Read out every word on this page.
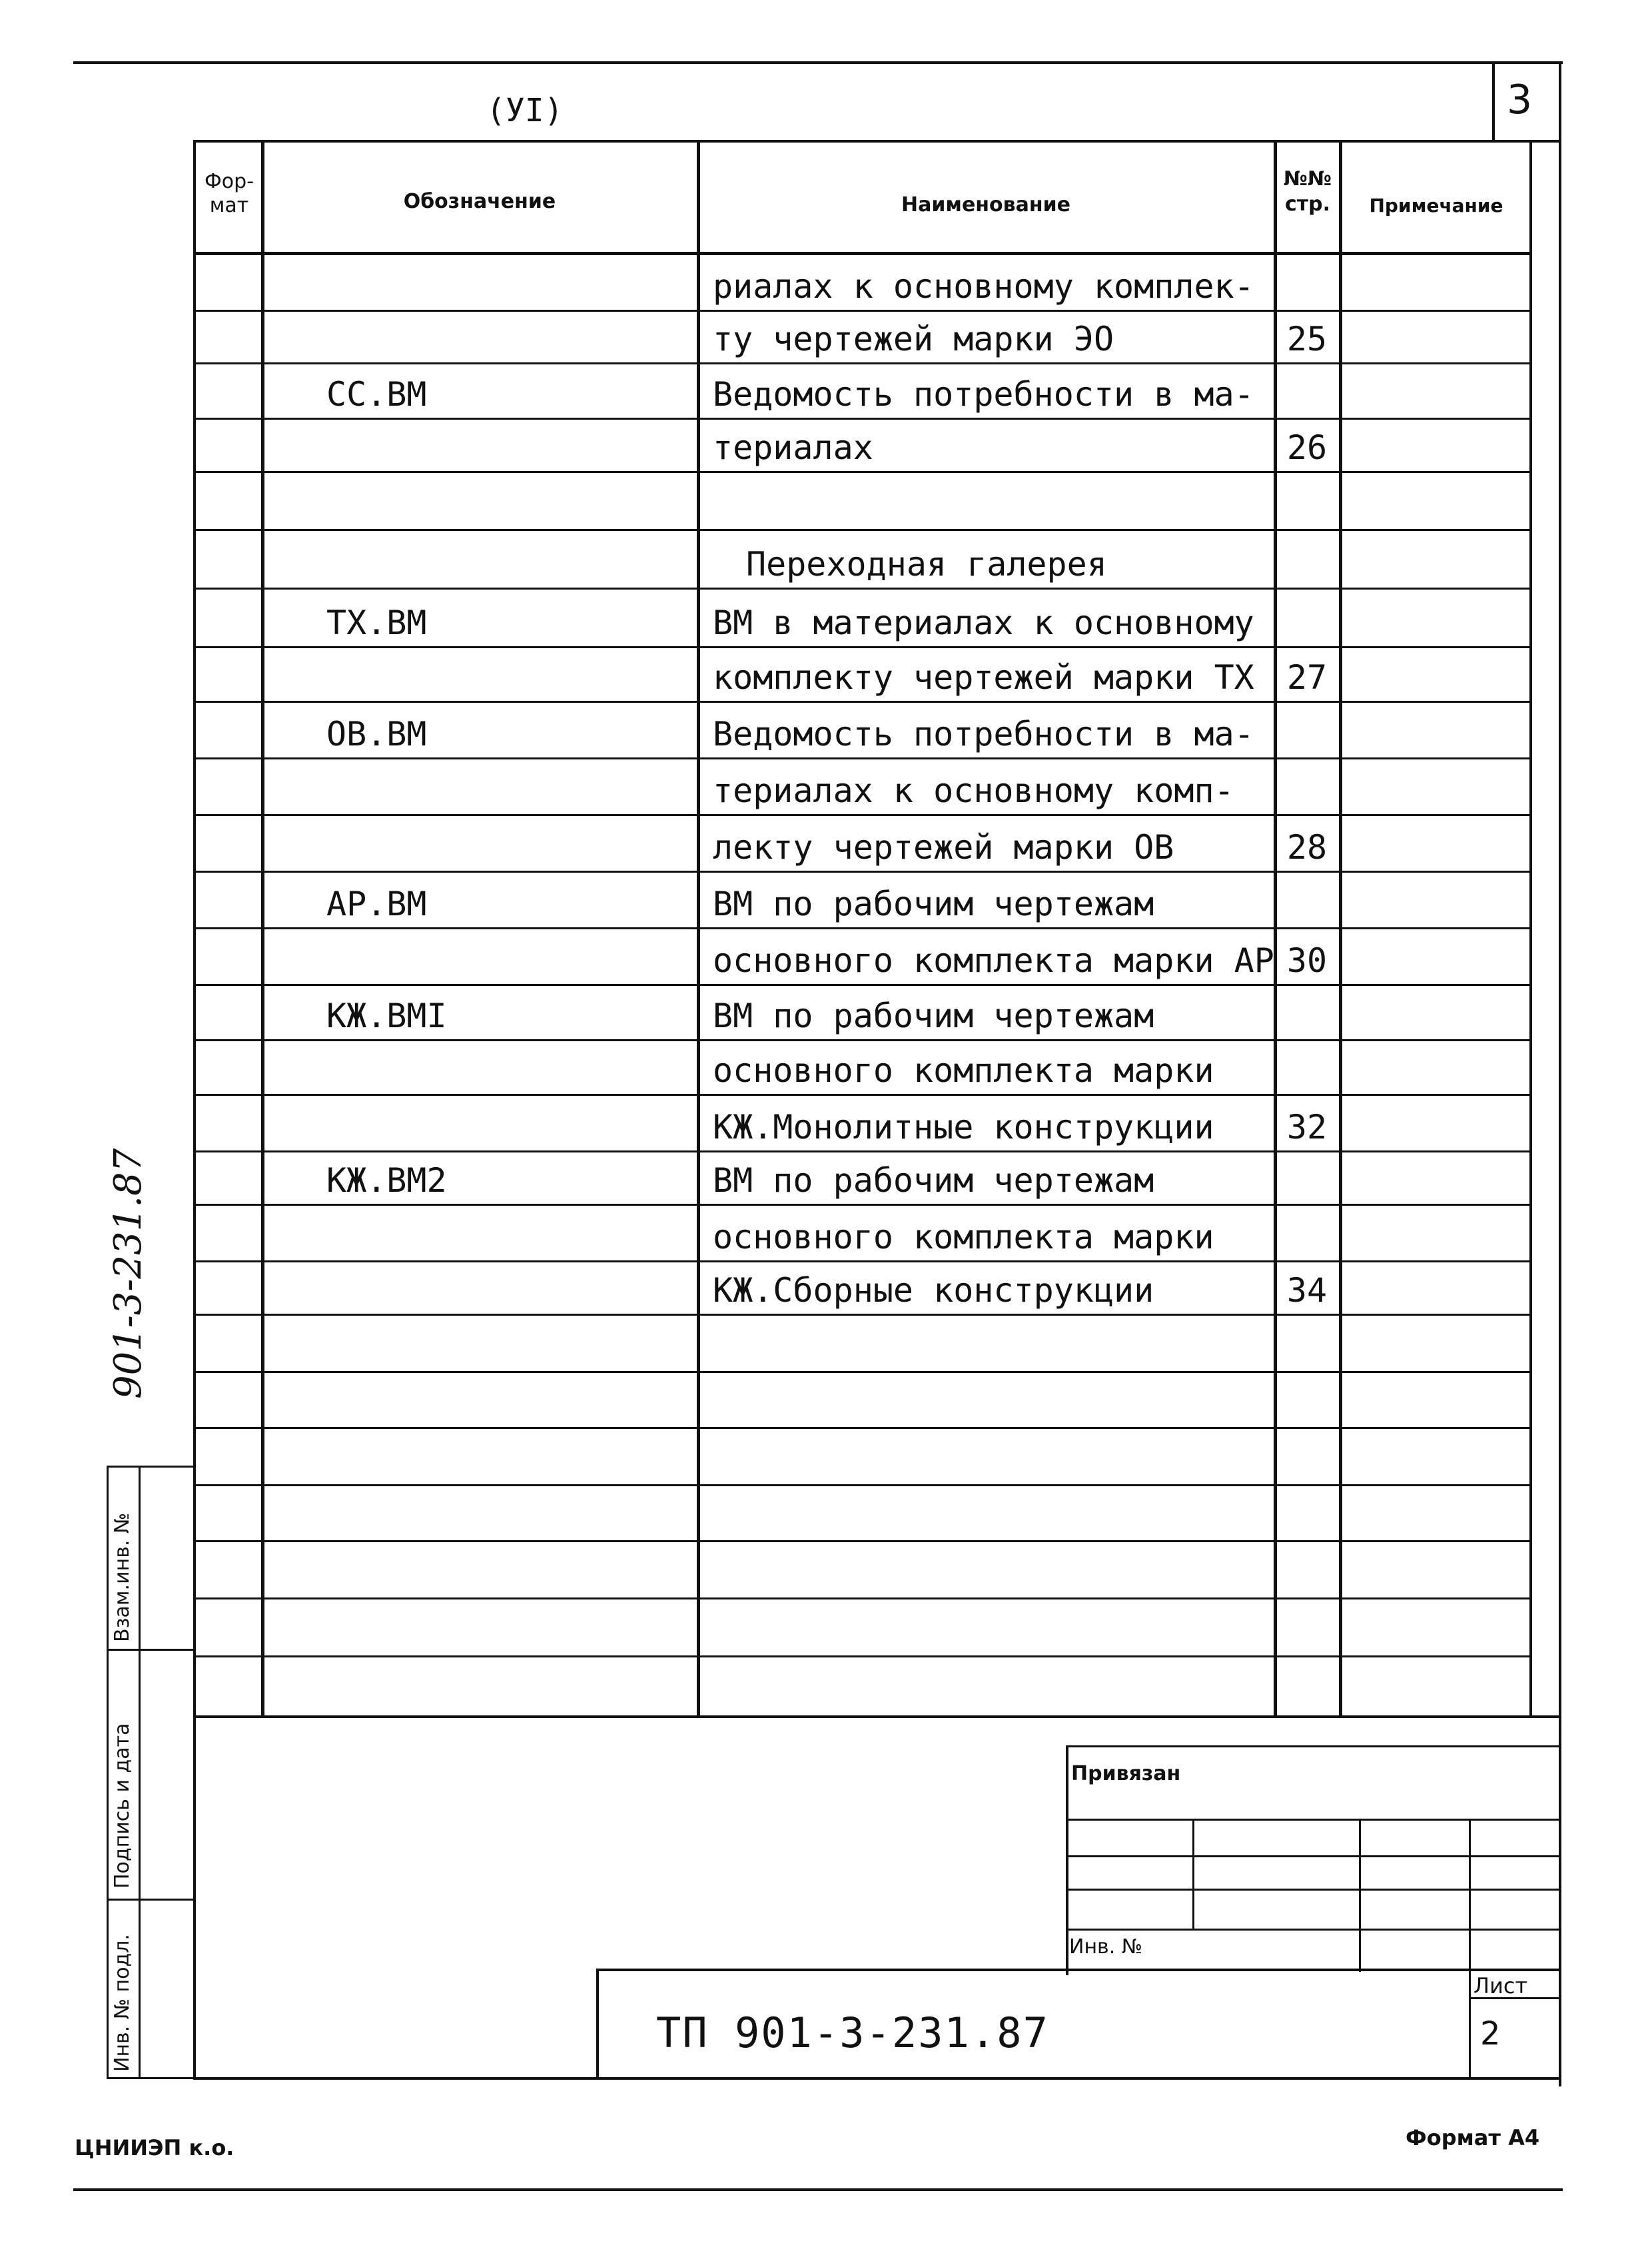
3
(УI)
Фор-
мат	Обозначение	Наименование
№№
стр.	Примечание
риалах к основному комплек-
ту чертежей марки ЭО	25
СС.ВМ	Ведомость потребности в ма-
териалах	26
Переходная галерея
ТХ.ВМ	ВМ в материалах к основному
комплекту чертежей марки ТХ 27
ОВ.ВМ	Ведомость потребности в ма-
териалах к основному комп-
лекту чертежей марки ОВ	28
АР.ВМ	ВМ по рабочим чертежам
основного комплекта марки АР 30
КЖ.ВМI	ВМ по рабочим чертежам
основного комплекта марки
КЖ.Монолитные конструкции 32
КЖ.ВМ2	ВМ по рабочим чертежам
основного комплекта марки
КЖ.Сборные конструкции	34
901-3-231.87
Взам.инв. №
Подпись и дата
Инв. № подл.
Привязан
Инв. №
ТП 901-3-231.87
Лист
2
ЦНИИЭП к.о.	Формат А4
